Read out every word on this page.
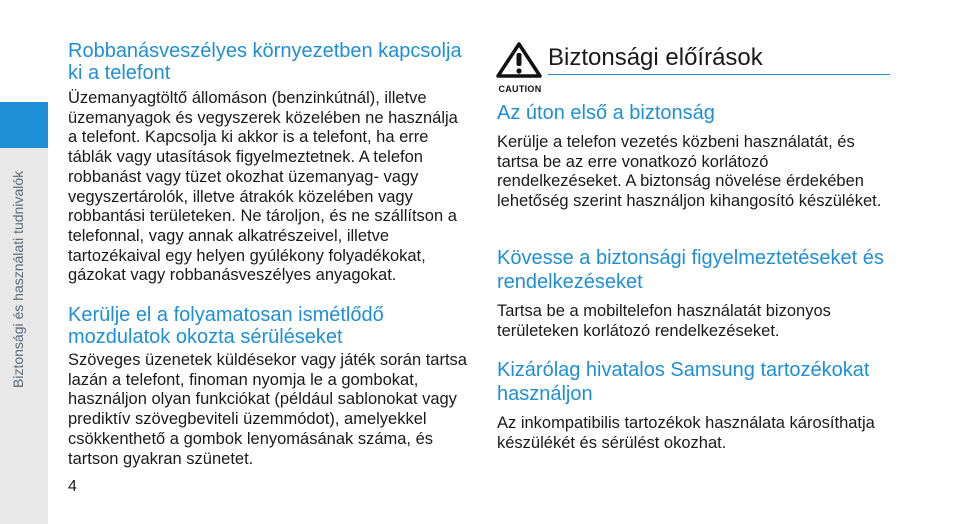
Biztonsági és használati tudnivalók
Robbanásveszélyes környezetben kapcsolja ki a telefont

Üzemanyagtöltő állomáson (benzinkútnál), illetve üzemanyagok és vegyszerek közelében ne használja a telefont. Kapcsolja ki akkor is a telefont, ha erre táblák vagy utasítások figyelmeztetnek. A telefon robbanást vagy tüzet okozhat üzemanyag- vagy vegyszertárolók, illetve átrakók közelében vagy robbantási területeken. Ne tároljon, és ne szállítson a telefonnal, vagy annak alkatrészeivel, illetve tartozékaival egy helyen gyúlékony folyadékokat, gázokat vagy robbanásveszélyes anyagokat.

Kerülje el a folyamatosan ismétlődő mozdulatok okozta sérüléseket

Szöveges üzenetek küldésekor vagy játék során tartsa lazán a telefont, finoman nyomja le a gombokat, használjon olyan funkciókat (például sablonokat vagy prediktív szövegbeviteli üzemmódot), amelyekkel csökkenthető a gombok lenyomásának száma, és tartson gyakran szünetet.

CAUTION
Biztonsági előírások
Az úton első a biztonság

Kerülje a telefon vezetés közbeni használatát, és tartsa be az erre vonatkozó korlátozó rendelkezéseket. A biztonság növelése érdekében lehetőség szerint használjon kihangosító készüléket.

Kövesse a biztonsági figyelmeztetéseket és rendelkezéseket

Tartsa be a mobiltelefon használatát bizonyos területeken korlátozó rendelkezéseket.

Kizárólag hivatalos Samsung tartozékokat használjon

Az inkompatibilis tartozékok használata károsíthatja készülékét és sérülést okozhat.

4
